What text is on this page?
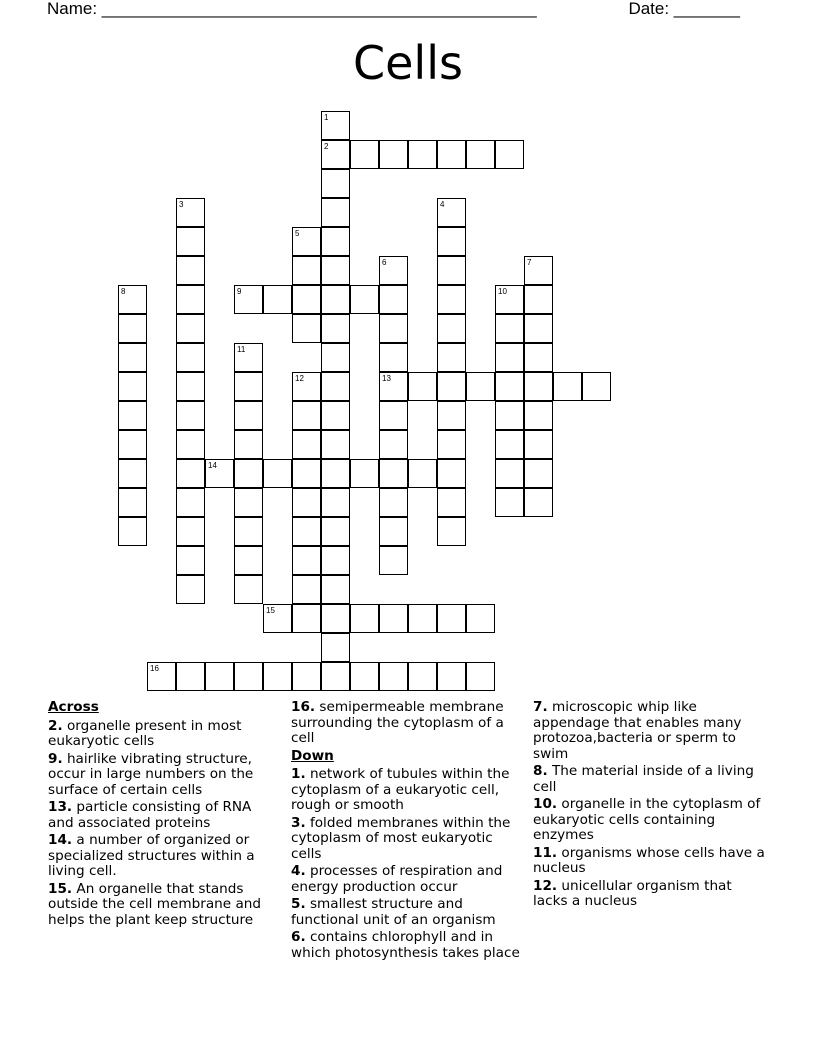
Name: ______________________________________________	Date: _______
Cells
1
2
3	4
5
6
13
7
8	9	10
11
12
14
15
16
Across
2. organelle present in most eukaryotic cells
9. hairlike vibrating structure, occur in large numbers on the surface of certain cells
13. particle consisting of RNA and associated proteins
14. a number of organized or specialized structures within a living cell.
15. An organelle that stands outside the cell membrane and helps the plant keep structure
16. semipermeable membrane surrounding the cytoplasm of a cell
Down
1. network of tubules within the cytoplasm of a eukaryotic cell, rough or smooth
3. folded membranes within the cytoplasm of most eukaryotic cells
4. processes of respiration and energy production occur
5. smallest structure and functional unit of an organism
6. contains chlorophyll and in which photosynthesis takes place
7. microscopic whip like appendage that enables many protozoa,bacteria or sperm to swim
8. The material inside of a living cell
10. organelle in the cytoplasm of eukaryotic cells containing enzymes
11. organisms whose cells have a nucleus
12. unicellular organism that lacks a nucleus
